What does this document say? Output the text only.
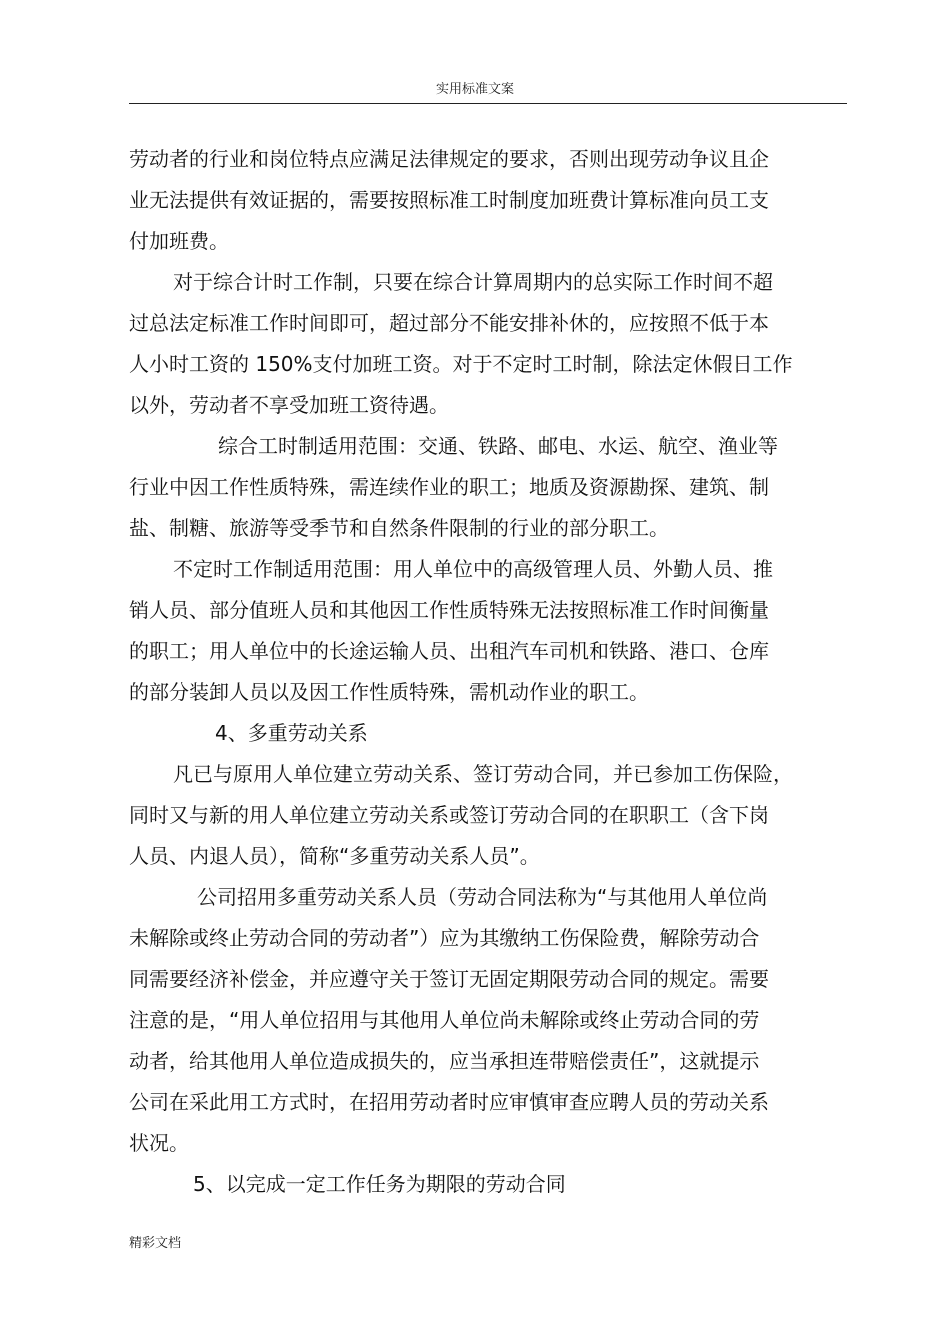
实用标准文案
劳动者的行业和岗位特点应满足法律规定的要求，否则出现劳动争议且企
业无法提供有效证据的，需要按照标准工时制度加班费计算标准向员工支
付加班费。
对于综合计时工作制，只要在综合计算周期内的总实际工作时间不超
过总法定标准工作时间即可，超过部分不能安排补休的，应按照不低于本
人小时工资的 150%支付加班工资。对于不定时工时制，除法定休假日工作
以外，劳动者不享受加班工资待遇。
综合工时制适用范围：交通、铁路、邮电、水运、航空、渔业等
行业中因工作性质特殊，需连续作业的职工；地质及资源勘探、建筑、制
盐、制糖、旅游等受季节和自然条件限制的行业的部分职工。
不定时工作制适用范围：用人单位中的高级管理人员、外勤人员、推
销人员、部分值班人员和其他因工作性质特殊无法按照标准工作时间衡量
的职工；用人单位中的长途运输人员、出租汽车司机和铁路、港口、仓库
的部分装卸人员以及因工作性质特殊，需机动作业的职工。
4、多重劳动关系
凡已与原用人单位建立劳动关系、签订劳动合同，并已参加工伤保险，
同时又与新的用人单位建立劳动关系或签订劳动合同的在职职工（含下岗
人员、内退人员），简称“多重劳动关系人员”。
公司招用多重劳动关系人员（劳动合同法称为“与其他用人单位尚
未解除或终止劳动合同的劳动者”）应为其缴纳工伤保险费，解除劳动合
同需要经济补偿金，并应遵守关于签订无固定期限劳动合同的规定。需要
注意的是，“用人单位招用与其他用人单位尚未解除或终止劳动合同的劳
动者，给其他用人单位造成损失的，应当承担连带赔偿责任”，这就提示
公司在采此用工方式时，在招用劳动者时应审慎审查应聘人员的劳动关系
状况。
5、以完成一定工作任务为期限的劳动合同
精彩文档
